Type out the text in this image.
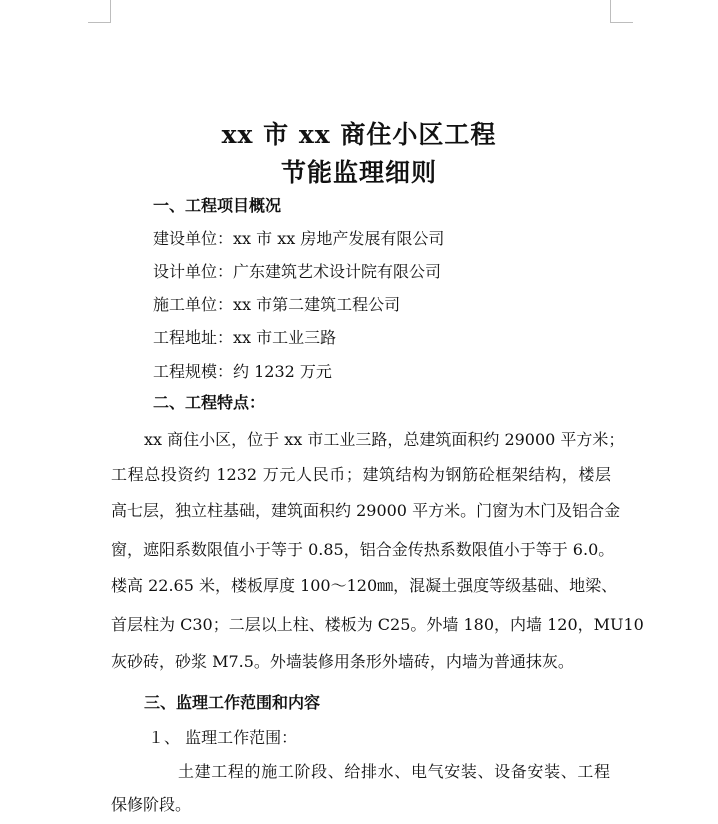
xx 市 xx 商住小区工程
节能监理细则
一、工程项目概况
建设单位：xx 市 xx 房地产发展有限公司
设计单位：广东建筑艺术设计院有限公司
施工单位：xx 市第二建筑工程公司
工程地址：xx 市工业三路
工程规模：约 1232 万元
二、工程特点：
xx 商住小区，位于 xx 市工业三路，总建筑面积约 29000 平方米；
工程总投资约 1232 万元人民币；建筑结构为钢筋砼框架结构，楼层
高七层，独立柱基础，建筑面积约 29000 平方米。门窗为木门及铝合金
窗，遮阳系数限值小于等于 0.85，铝合金传热系数限值小于等于 6.0。
楼高 22.65 米，楼板厚度 100～120㎜，混凝土强度等级基础、地梁、
首层柱为 C30；二层以上柱、楼板为 C25。外墙 180，内墙 120，MU10
灰砂砖，砂浆 M7.5。外墙装修用条形外墙砖，内墙为普通抹灰。
三、监理工作范围和内容
１、 监理工作范围：
土建工程的施工阶段、给排水、电气安装、设备安装、工程
保修阶段。
